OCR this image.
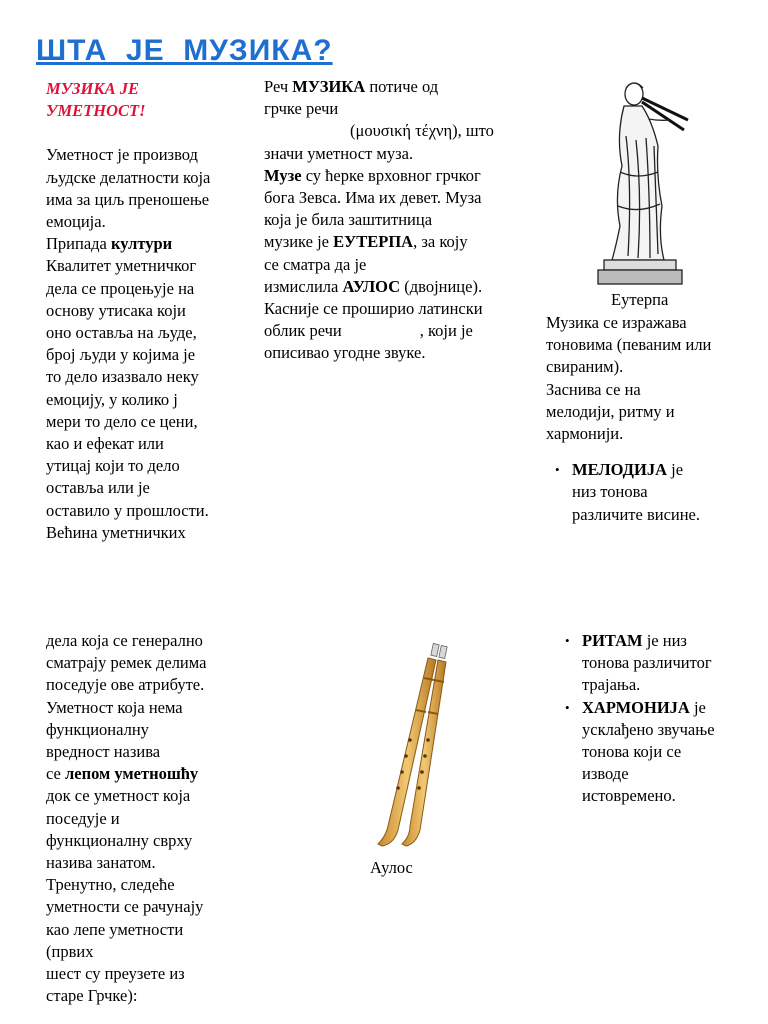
ШТА  ЈЕ  МУЗИКА?

МУЗИКА ЈЕ

УМЕТНОСТ!

Уметност је производ

људске делатности која

има за циљ преношење

емоција.

Припада култури

Квалитет уметничког

дела се процењује на

основу утисака који

оно оставља на људе,

број људи у којима је

то дело изазвало неку

емоцију, у колико ј

мери то дело се цени,

као и ефекат или

утицај који то дело

оставља или је

оставило у прошлости.

Већина уметничких

дела која се генерално

сматрају ремек делима

поседује ове атрибуте.

Уметност која нема

функционалну

вредност назива

се лепом уметношћу

док се уметност која

поседује и

функционалну сврху

назива занатом.

Тренутно, следеће

уметности се рачунају

као лепе уметности

(првих

шест су преузете из

старе Грчке):

Реч МУЗИКА потиче од

грчке речи

(μουσική τέχνη), што

значи уметност муза.

Музе су ћерке врховног грчког

бога Зевса. Има их девет. Муза

која је била заштитница

музике је ЕУТЕРПА, за коју

се сматра да је

измислила АУЛОС (двојнице).

Касније се проширио латински

облик речи	, који је

описивао угодне звуке.

Еутерпа

Музика се изражава

тоновима (певаним или

свираним).

Заснива се на

мелодији, ритму и

хармонији.

• МЕЛОДИЈА је
низ тонова
различите висине.
• РИТАМ је низ
тонова различитог
трајања.
• ХАРМОНИЈА је
усклађено звучање
тонова који се
изводе
истовремено.
Аулос
